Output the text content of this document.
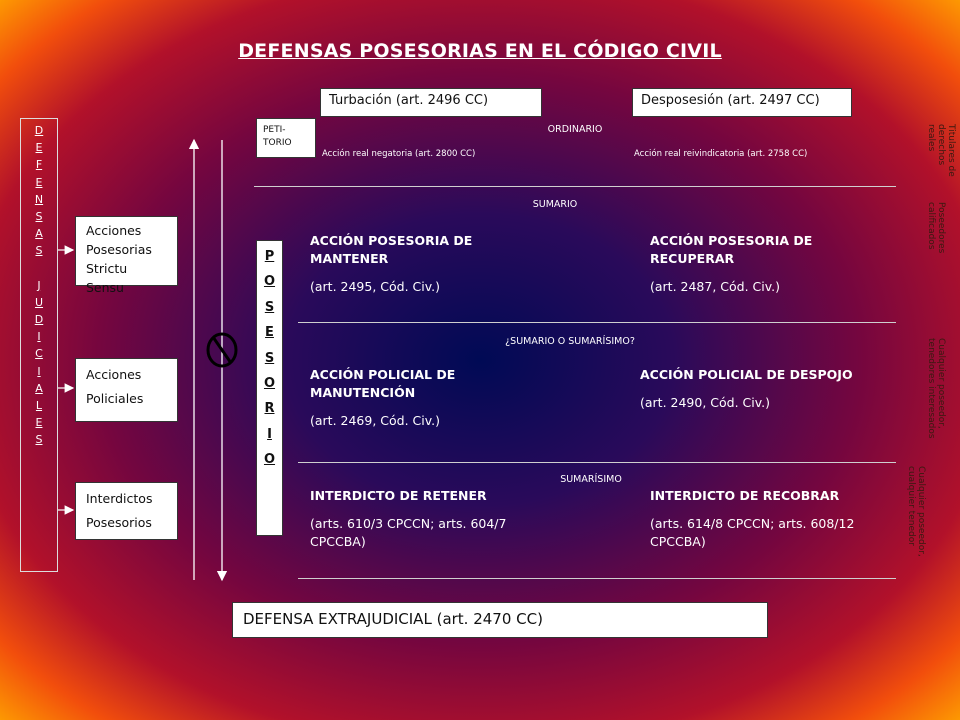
DEFENSAS POSESORIAS EN EL CÓDIGO CIVIL
Turbación (art. 2496 CC)	Desposesión (art. 2497 CC)
PETI-
TORIO
ORDINARIO
Acción real negatoria (art. 2800 CC)	Acción real reivindicatoria (art. 2758 CC)
SUMARIO
¿SUMARIO O SUMARÍSIMO?
SUMARÍSIMO
D
E
F
E
N
S
A
S
J
U
D
I
C
I
A
L
E
S
Acciones
Posesorias
Strictu Sensu
Acciones
Policiales
Interdictos
Posesorios
P
O
S
E
S
O
R
I
O
ACCIÓN POSESORIA DE
MANTENER
(art. 2495, Cód. Civ.)
ACCIÓN POSESORIA DE
RECUPERAR
(art. 2487, Cód. Civ.)
ACCIÓN POLICIAL DE
MANUTENCIÓN
(art. 2469, Cód. Civ.)
ACCIÓN POLICIAL DE DESPOJO
(art. 2490, Cód. Civ.)
INTERDICTO DE RETENER
(arts. 610/3 CPCCN; arts. 604/7
CPCCBA)
INTERDICTO DE RECOBRAR
(arts. 614/8 CPCCN; arts. 608/12
CPCCBA)
DEFENSA EXTRAJUDICIAL (art. 2470 CC)
Titulares de
derechos reales
Poseedores
calificados
Cualquier poseedor,
tenedores interesados
Cualquier poseedor,
cualquier tenedor
